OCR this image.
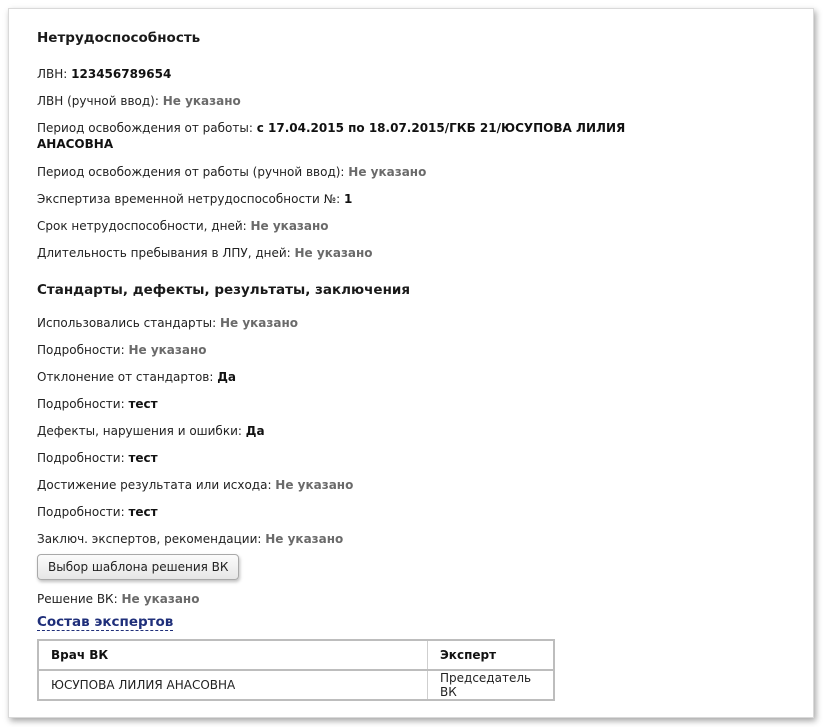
Нетрудоспособность
ЛВН: 123456789654
ЛВН (ручной ввод): Не указано
Период освобождения от работы: с 17.04.2015 по 18.07.2015/ГКБ 21/ЮСУПОВА ЛИЛИЯ
АНАСОВНА
Период освобождения от работы (ручной ввод): Не указано
Экспертиза временной нетрудоспособности №: 1
Срок нетрудоспособности, дней: Не указано
Длительность пребывания в ЛПУ, дней: Не указано
Стандарты, дефекты, результаты, заключения
Использовались стандарты: Не указано
Подробности: Не указано
Отклонение от стандартов: Да
Подробности: тест
Дефекты, нарушения и ошибки: Да
Подробности: тест
Достижение результата или исхода: Не указано
Подробности: тест
Заключ. экспертов, рекомендации: Не указано
Выбор шаблона решения ВК
Решение ВК: Не указано
Состав экспертов
Врач ВК	Эксперт
ЮСУПОВА ЛИЛИЯ АНАСОВНА	Председатель ВК
